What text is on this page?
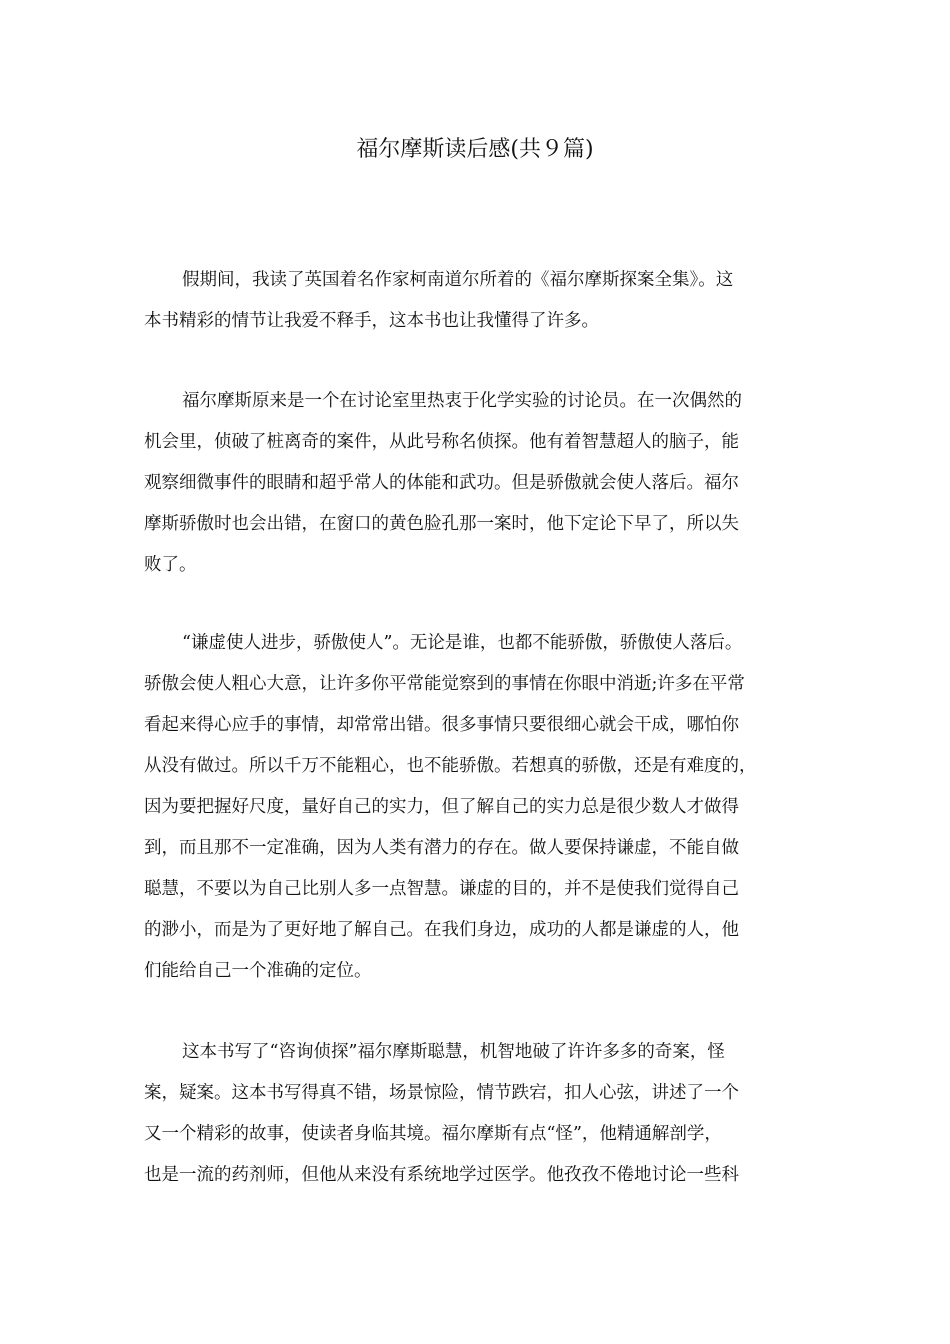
福尔摩斯读后感(共９篇)
假期间，我读了英国着名作家柯南道尔所着的《福尔摩斯探案全集》。这
本书精彩的情节让我爱不释手，这本书也让我懂得了许多。
福尔摩斯原来是一个在讨论室里热衷于化学实验的讨论员。在一次偶然的
机会里，侦破了桩离奇的案件，从此号称名侦探。他有着智慧超人的脑子，能
观察细微事件的眼睛和超乎常人的体能和武功。但是骄傲就会使人落后。福尔
摩斯骄傲时也会出错，在窗口的黄色脸孔那一案时，他下定论下早了，所以失
败了。
“谦虚使人进步，骄傲使人”。无论是谁，也都不能骄傲，骄傲使人落后。
骄傲会使人粗心大意，让许多你平常能觉察到的事情在你眼中消逝;许多在平常
看起来得心应手的事情，却常常出错。很多事情只要很细心就会干成，哪怕你
从没有做过。所以千万不能粗心，也不能骄傲。若想真的骄傲，还是有难度的，
因为要把握好尺度，量好自己的实力，但了解自己的实力总是很少数人才做得
到，而且那不一定准确，因为人类有潜力的存在。做人要保持谦虚，不能自做
聪慧，不要以为自己比别人多一点智慧。谦虚的目的，并不是使我们觉得自己
的渺小，而是为了更好地了解自己。在我们身边，成功的人都是谦虚的人，他
们能给自己一个准确的定位。
这本书写了“咨询侦探”福尔摩斯聪慧，机智地破了许许多多的奇案，怪
案，疑案。这本书写得真不错，场景惊险，情节跌宕，扣人心弦，讲述了一个
又一个精彩的故事，使读者身临其境。福尔摩斯有点“怪”，他精通解剖学，
也是一流的药剂师，但他从来没有系统地学过医学。他孜孜不倦地讨论一些科
